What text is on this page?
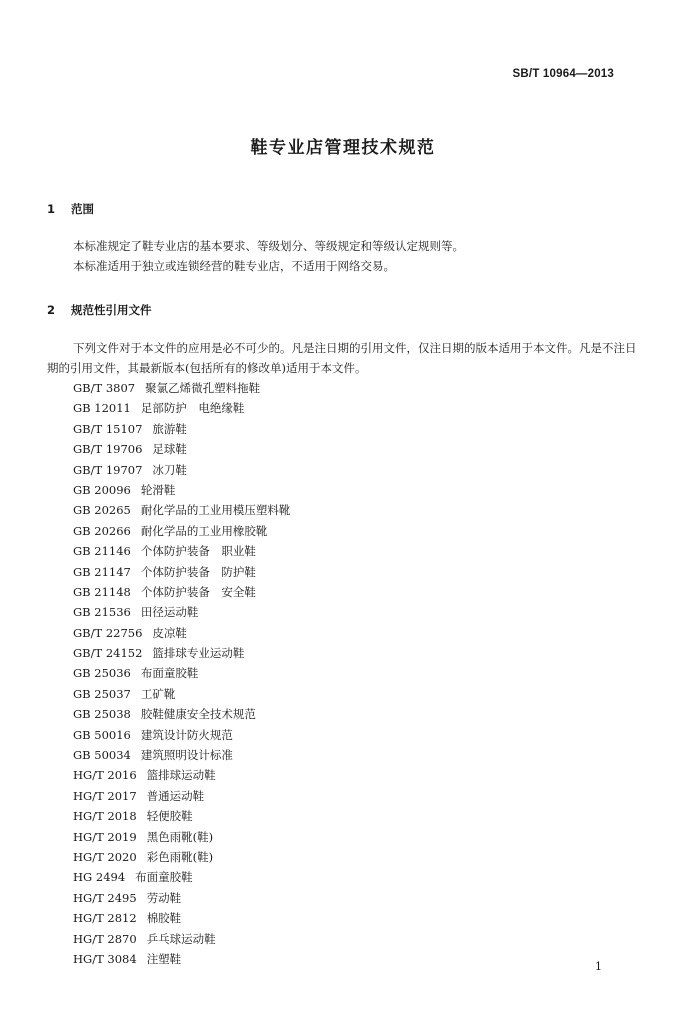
SB/T 10964—2013
鞋专业店管理技术规范
1 范围

本标准规定了鞋专业店的基本要求、等级划分、等级规定和等级认定规则等。

本标准适用于独立或连锁经营的鞋专业店，不适用于网络交易。

2 规范性引用文件

下列文件对于本文件的应用是必不可少的。凡是注日期的引用文件，仅注日期的版本适用于本文件。凡是不注日期的引用文件，其最新版本(包括所有的修改单)适用于本文件。

GB/T 3807 聚氯乙烯微孔塑料拖鞋
GB 12011 足部防护　电绝缘鞋
GB/T 15107 旅游鞋
GB/T 19706 足球鞋
GB/T 19707 冰刀鞋
GB 20096 轮滑鞋
GB 20265 耐化学品的工业用模压塑料靴
GB 20266 耐化学品的工业用橡胶靴
GB 21146 个体防护装备　职业鞋
GB 21147 个体防护装备　防护鞋
GB 21148 个体防护装备　安全鞋
GB 21536 田径运动鞋
GB/T 22756 皮凉鞋
GB/T 24152 篮排球专业运动鞋
GB 25036 布面童胶鞋
GB 25037 工矿靴
GB 25038 胶鞋健康安全技术规范
GB 50016 建筑设计防火规范
GB 50034 建筑照明设计标准
HG/T 2016 篮排球运动鞋
HG/T 2017 普通运动鞋
HG/T 2018 轻便胶鞋
HG/T 2019 黑色雨靴(鞋)
HG/T 2020 彩色雨靴(鞋)
HG 2494 布面童胶鞋
HG/T 2495 劳动鞋
HG/T 2812 棉胶鞋
HG/T 2870 乒乓球运动鞋
HG/T 3084 注塑鞋
1
